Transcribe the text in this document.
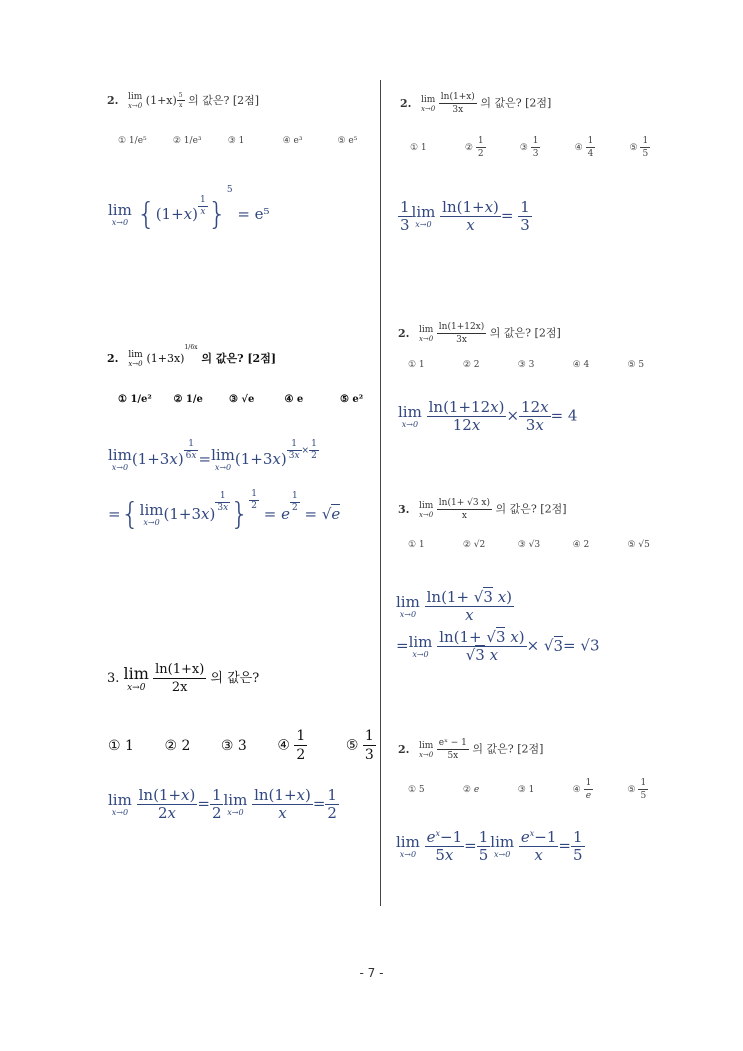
2. lim
x→0 $(1+x) \frac{5}{x}$ 의 값은? [2점]
① 1/e⁵	② 1/e³	③ 1	④ e³	⑤ e⁵
lim
x→0 $\{(1+x) \frac{1}{x} \}^5 = e^5$
2. lim
x→0 $(1+3x)^{1/6x}$ 의 값은? [2점]
① 1/e² ② 1/e	③ √e	④ e	⑤ e²
lim
x→0 $(1+3x) \frac{1}{6x} = \lim$
x→0 (1+3x) $^{\frac{1}{3x} \times \frac{1}{2}}$
={ lim
x→0 (1+3x)
$\frac{1}{3x}$ } $\frac{1}{2}$
= e
$\frac{1}{2}$
= √e
3. lim
x→0
$\frac{\ln(1+x)}{2x}$ 의 값은?
① 1 ② 2 ③ 3 ④ $\frac{1}{2}$	⑤ $\frac{1}{3}$
lim
x→0
$\frac{\ln(1+x)}{2x} = \frac{1}{2}$ lim
x→0
$\frac{\ln(1+x)}{x} = \frac{1}{2}$
2. lim
x→0
$\frac{\ln(1+x)}{3x}$ 의 값은? [2점]
① 1	② $\frac{1}{2}$	③ $\frac{1}{3}$	④ $\frac{1}{4}$	⑤ $\frac{1}{5}$
$\frac{1}{3}$ lim
x→0
$\frac{\ln(1+x)}{x} = \frac{1}{3}$
2. lim
x→0
$\frac{\ln(1+12x)}{3x}$ 의 값은? [2점]
① 1	② 2	③ 3	④ 4	⑤ 5
lim
x→0
$\frac{\ln(1+12x)}{12x} \times \frac{12x}{3x} = 4$
3. lim
x→0
$\frac{\ln(1+ √3 x)}{x}$ 의 값은? [2점]
① 1	② √2	③ √3	④ 2	⑤ √5
lim
x→0
$\frac{\ln(1+ √3 x)}{x}$
= lim
x→0
$\frac{\ln(1+ √3 x)}{√3 x} \times √3= √3$
2. lim
x→0
$\frac{\text{eˣ − 1}}{5x}$ 의 값은? [2점]
① 5	② e	③ 1	④ $\frac{1}{e}$	⑤ $\frac{1}{5}$
lim
x→0
$\frac{e^x-1}{5x} = \frac{1}{5}$ lim
x→0
$\frac{e^x-1}{x} = \frac{1}{5}$
- 7 -
